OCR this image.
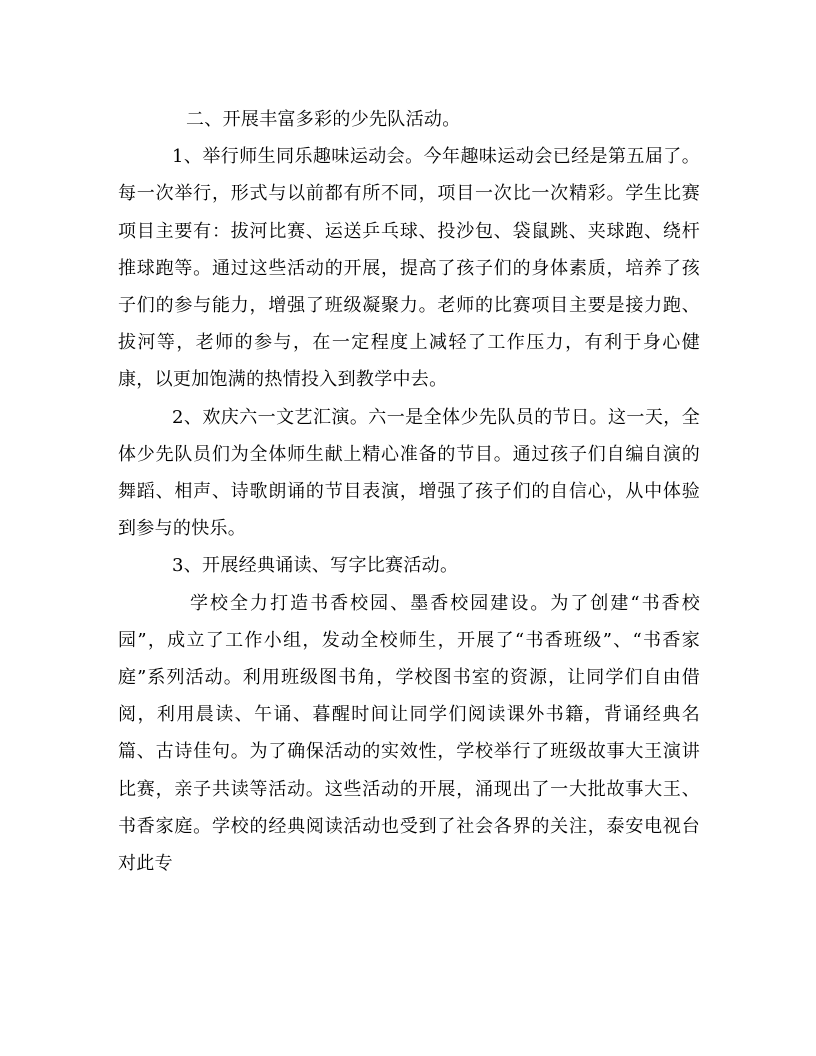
二、开展丰富多彩的少先队活动。

1、举行师生同乐趣味运动会。今年趣味运动会已经是第五届了。每一次举行，形式与以前都有所不同，项目一次比一次精彩。学生比赛项目主要有：拔河比赛、运送乒乓球、投沙包、袋鼠跳、夹球跑、绕杆推球跑等。通过这些活动的开展，提高了孩子们的身体素质，培养了孩子们的参与能力，增强了班级凝聚力。老师的比赛项目主要是接力跑、拔河等，老师的参与，在一定程度上减轻了工作压力，有利于身心健康，以更加饱满的热情投入到教学中去。

2、欢庆六一文艺汇演。六一是全体少先队员的节日。这一天，全体少先队员们为全体师生献上精心准备的节目。通过孩子们自编自演的舞蹈、相声、诗歌朗诵的节目表演，增强了孩子们的自信心，从中体验到参与的快乐。

3、开展经典诵读、写字比赛活动。

学校全力打造书香校园、墨香校园建设。为了创建“书香校园”，成立了工作小组，发动全校师生，开展了“书香班级”、“书香家庭”系列活动。利用班级图书角，学校图书室的资源，让同学们自由借阅，利用晨读、午诵、暮醒时间让同学们阅读课外书籍，背诵经典名篇、古诗佳句。为了确保活动的实效性，学校举行了班级故事大王演讲比赛，亲子共读等活动。这些活动的开展，涌现出了一大批故事大王、书香家庭。学校的经典阅读活动也受到了社会各界的关注，泰安电视台对此专
